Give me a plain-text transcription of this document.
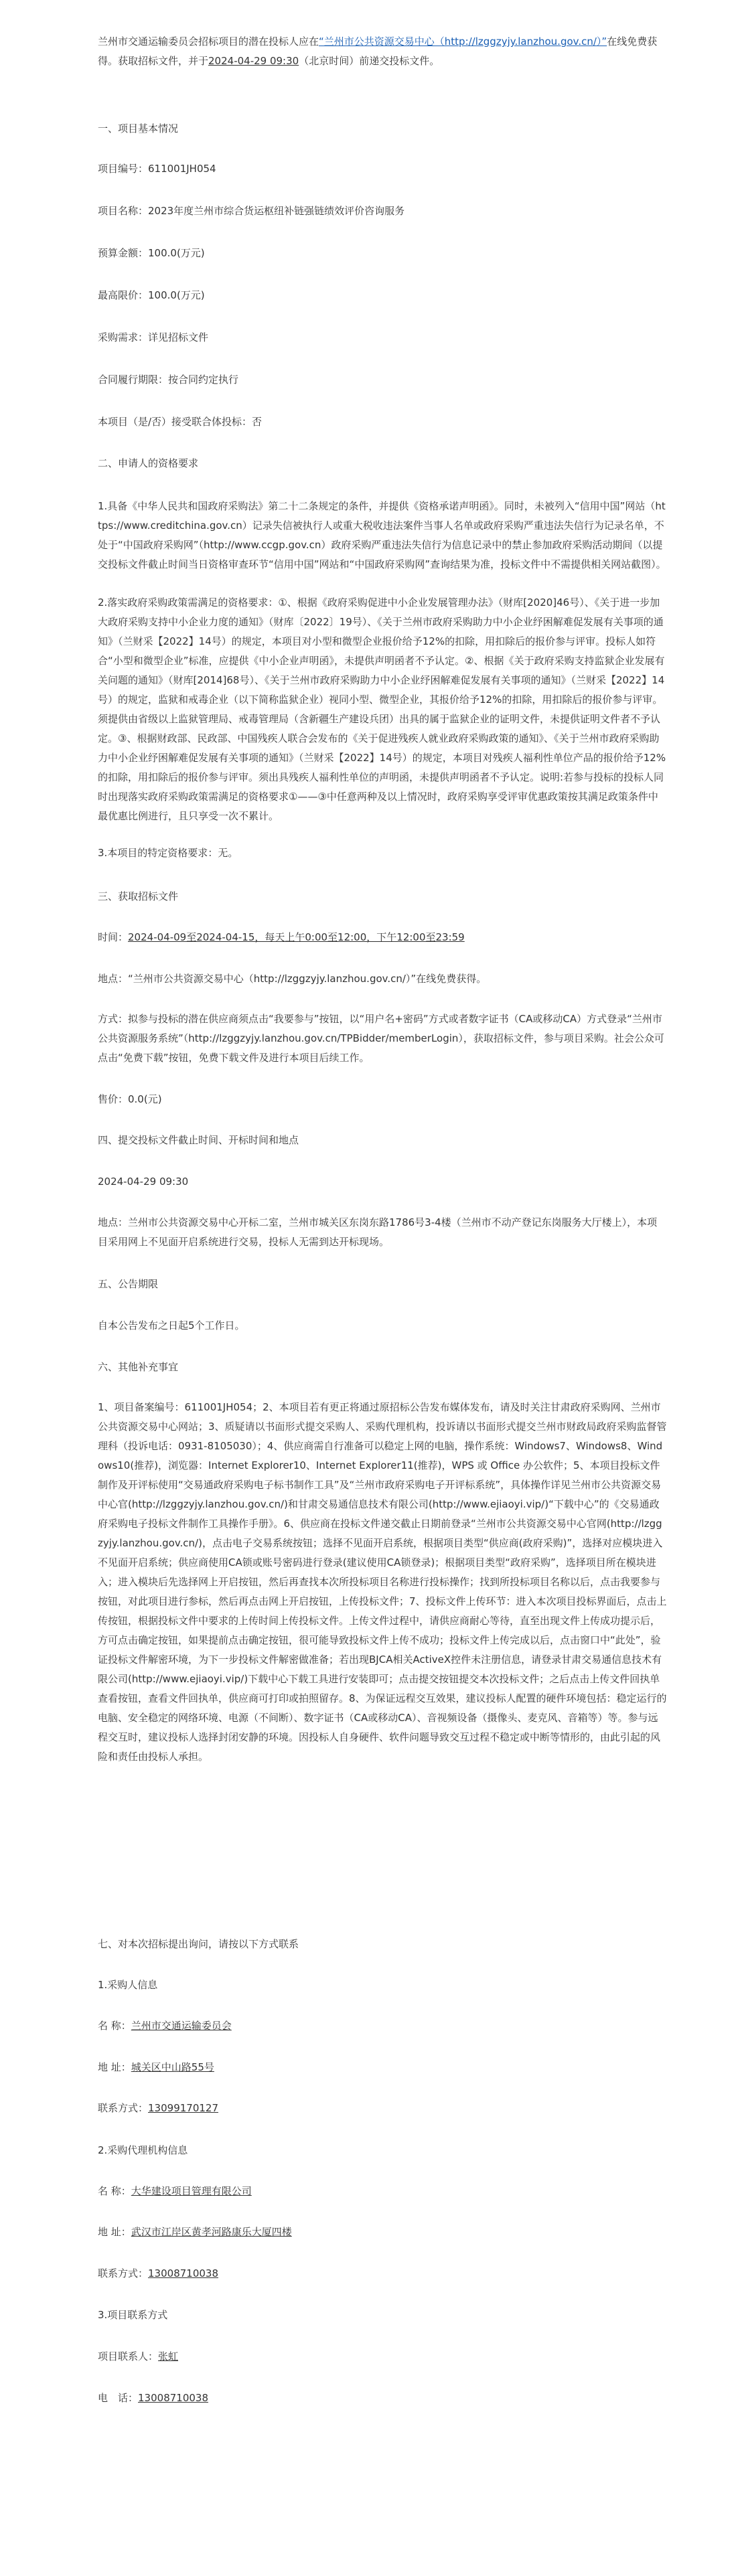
兰州市交通运输委员会招标项目的潜在投标人应在“兰州市公共资源交易中心（http://lzggzyjy.lanzhou.gov.cn/）”在线免费获得。获取招标文件，并于2024-04-29 09:30（北京时间）前递交投标文件。

一、项目基本情况

项目编号：611001JH054

项目名称：2023年度兰州市综合货运枢纽补链强链绩效评价咨询服务

预算金额：100.0(万元)

最高限价：100.0(万元)

采购需求：详见招标文件

合同履行期限：按合同约定执行

本项目（是/否）接受联合体投标：否

二、申请人的资格要求

1.具备《中华人民共和国政府采购法》第二十二条规定的条件，并提供《资格承诺声明函》。同时，未被列入“信用中国”网站（https://www.creditchina.gov.cn）记录失信被执行人或重大税收违法案件当事人名单或政府采购严重违法失信行为记录名单，不处于“中国政府采购网”（http://www.ccgp.gov.cn）政府采购严重违法失信行为信息记录中的禁止参加政府采购活动期间（以提交投标文件截止时间当日资格审查环节“信用中国”网站和“中国政府采购网”查询结果为准，投标文件中不需提供相关网站截图）。

2.落实政府采购政策需满足的资格要求：①、根据《政府采购促进中小企业发展管理办法》（财库[2020]46号）、《关于进一步加大政府采购支持中小企业力度的通知》（财库〔2022〕19号）、《关于兰州市政府采购助力中小企业纾困解难促发展有关事项的通知》（兰财采【2022】14号）的规定，本项目对小型和微型企业报价给予12%的扣除，用扣除后的报价参与评审。投标人如符合“小型和微型企业”标准，应提供《中小企业声明函》，未提供声明函者不予认定。②、根据《关于政府采购支持监狱企业发展有关问题的通知》（财库[2014]68号）、《关于兰州市政府采购助力中小企业纾困解难促发展有关事项的通知》（兰财采【2022】14号）的规定，监狱和戒毒企业（以下简称监狱企业）视同小型、微型企业，其报价给予12%的扣除，用扣除后的报价参与评审。须提供由省级以上监狱管理局、戒毒管理局（含新疆生产建设兵团）出具的属于监狱企业的证明文件，未提供证明文件者不予认定。③、根据财政部、民政部、中国残疾人联合会发布的《关于促进残疾人就业政府采购政策的通知》、《关于兰州市政府采购助力中小企业纾困解难促发展有关事项的通知》（兰财采【2022】14号）的规定，本项目对残疾人福利性单位产品的报价给予12%的扣除，用扣除后的报价参与评审。须出具残疾人福利性单位的声明函，未提供声明函者不予认定。说明:若参与投标的投标人同时出现落实政府采购政策需满足的资格要求①——③中任意两种及以上情况时，政府采购享受评审优惠政策按其满足政策条件中最优惠比例进行，且只享受一次不累计。

3.本项目的特定资格要求：无。

三、获取招标文件

时间：2024-04-09至2024-04-15，每天上午0:00至12:00，下午12:00至23:59

地点：“兰州市公共资源交易中心（http://lzggzyjy.lanzhou.gov.cn/）”在线免费获得。

方式：拟参与投标的潜在供应商须点击“我要参与”按钮，以“用户名+密码”方式或者数字证书（CA或移动CA）方式登录“兰州市公共资源服务系统”（http://lzggzyjy.lanzhou.gov.cn/TPBidder/memberLogin），获取招标文件，参与项目采购。社会公众可点击“免费下载”按钮，免费下载文件及进行本项目后续工作。

售价：0.0(元)

四、提交投标文件截止时间、开标时间和地点

2024-04-29 09:30

地点：兰州市公共资源交易中心开标二室，兰州市城关区东岗东路1786号3-4楼（兰州市不动产登记东岗服务大厅楼上），本项目采用网上不见面开启系统进行交易，投标人无需到达开标现场。

五、公告期限

自本公告发布之日起5个工作日。

六、其他补充事宜

1、项目备案编号：611001JH054；2、本项目若有更正将通过原招标公告发布媒体发布，请及时关注甘肃政府采购网、兰州市公共资源交易中心网站；3、质疑请以书面形式提交采购人、采购代理机构，投诉请以书面形式提交兰州市财政局政府采购监督管理科（投诉电话：0931-8105030）；4、供应商需自行准备可以稳定上网的电脑，操作系统：Windows7、Windows8、Windows10(推荐)，浏览器：Internet Explorer10、Internet Explorer11(推荐)，WPS 或 Office 办公软件；5、本项目投标文件制作及开评标使用“交易通政府采购电子标书制作工具”及“兰州市政府采购电子开评标系统”，具体操作详见兰州市公共资源交易中心官(http://lzggzyjy.lanzhou.gov.cn/)和甘肃交易通信息技术有限公司(http://www.ejiaoyi.vip/)“下载中心”的《交易通政府采购电子投标文件制作工具操作手册》。6、供应商在投标文件递交截止日期前登录“兰州市公共资源交易中心官网(http://lzggzyjy.lanzhou.gov.cn/)，点击电子交易系统按钮；选择不见面开启系统，根据项目类型“供应商(政府采购)”，选择对应模块进入不见面开启系统；供应商使用CA锁或账号密码进行登录(建议使用CA锁登录)；根据项目类型“政府采购”，选择项目所在模块进入；进入模块后先选择网上开启按钮，然后再查找本次所投标项目名称进行投标操作；找到所投标项目名称以后，点击我要参与按钮，对此项目进行参标，然后再点击网上开启按钮，上传投标文件；7、投标文件上传环节：进入本次项目投标界面后，点击上传按钮，根据投标文件中要求的上传时间上传投标文件。上传文件过程中，请供应商耐心等待，直至出现文件上传成功提示后，方可点击确定按钮，如果提前点击确定按钮，很可能导致投标文件上传不成功；投标文件上传完成以后，点击窗口中“此处”，验证投标文件解密环境，为下一步投标文件解密做准备；若出现BJCA相关ActiveX控件未注册信息，请登录甘肃交易通信息技术有限公司(http://www.ejiaoyi.vip/)下载中心下载工具进行安装即可；点击提交按钮提交本次投标文件；之后点击上传文件回执单查看按钮，查看文件回执单，供应商可打印或拍照留存。8、为保证远程交互效果，建议投标人配置的硬件环境包括：稳定运行的电脑、安全稳定的网络环境、电源（不间断）、数字证书（CA或移动CA）、音视频设备（摄像头、麦克风、音箱等）等。参与远程交互时，建议投标人选择封闭安静的环境。因投标人自身硬件、软件问题导致交互过程不稳定或中断等情形的，由此引起的风险和责任由投标人承担。

七、对本次招标提出询问，请按以下方式联系

1.采购人信息

名 称：兰州市交通运输委员会

地 址：城关区中山路55号

联系方式：13099170127

2.采购代理机构信息

名 称：大华建设项目管理有限公司

地 址：武汉市江岸区黄孝河路康乐大厦四楼

联系方式：13008710038

3.项目联系方式

项目联系人：张虹

电　话：13008710038
